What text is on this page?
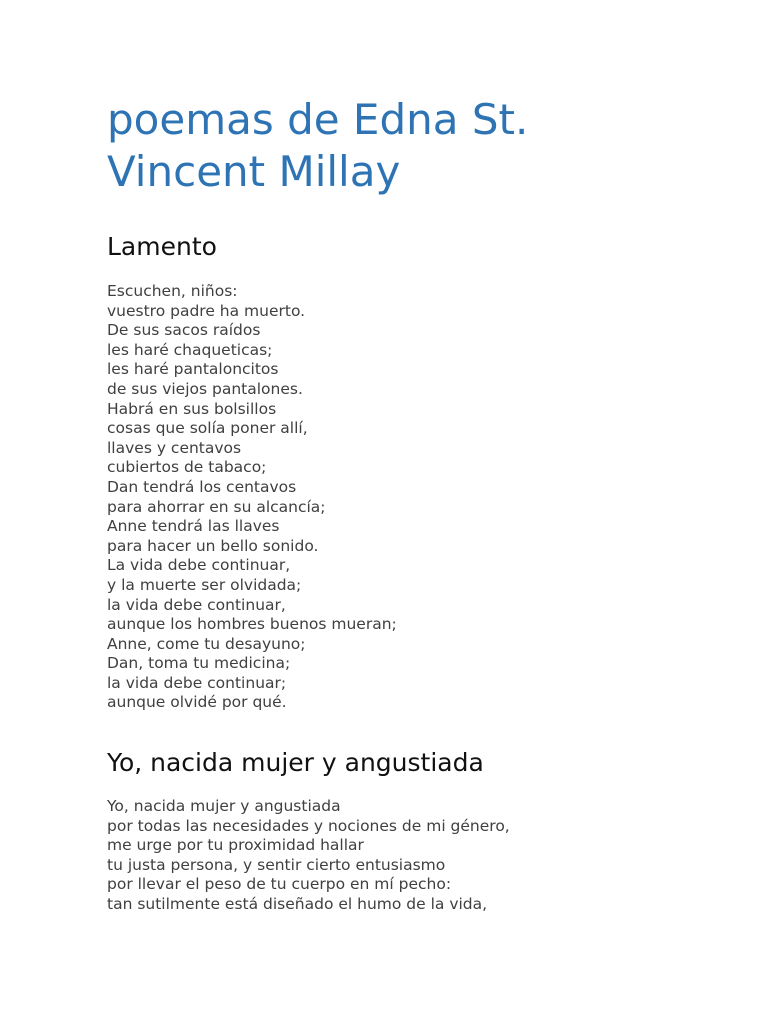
poemas de Edna St. Vincent Millay
Lamento
Escuchen, niños:
vuestro padre ha muerto.
De sus sacos raídos
les haré chaqueticas;
les haré pantaloncitos
de sus viejos pantalones.
Habrá en sus bolsillos
cosas que solía poner allí,
llaves y centavos
cubiertos de tabaco;
Dan tendrá los centavos
para ahorrar en su alcancía;
Anne tendrá las llaves
para hacer un bello sonido.
La vida debe continuar,
y la muerte ser olvidada;
la vida debe continuar,
aunque los hombres buenos mueran;
Anne, come tu desayuno;
Dan, toma tu medicina;
la vida debe continuar;
aunque olvidé por qué.
Yo, nacida mujer y angustiada
Yo, nacida mujer y angustiada
por todas las necesidades y nociones de mi género,
me urge por tu proximidad hallar
tu justa persona, y sentir cierto entusiasmo
por llevar el peso de tu cuerpo en mí pecho:
tan sutilmente está diseñado el humo de la vida,
